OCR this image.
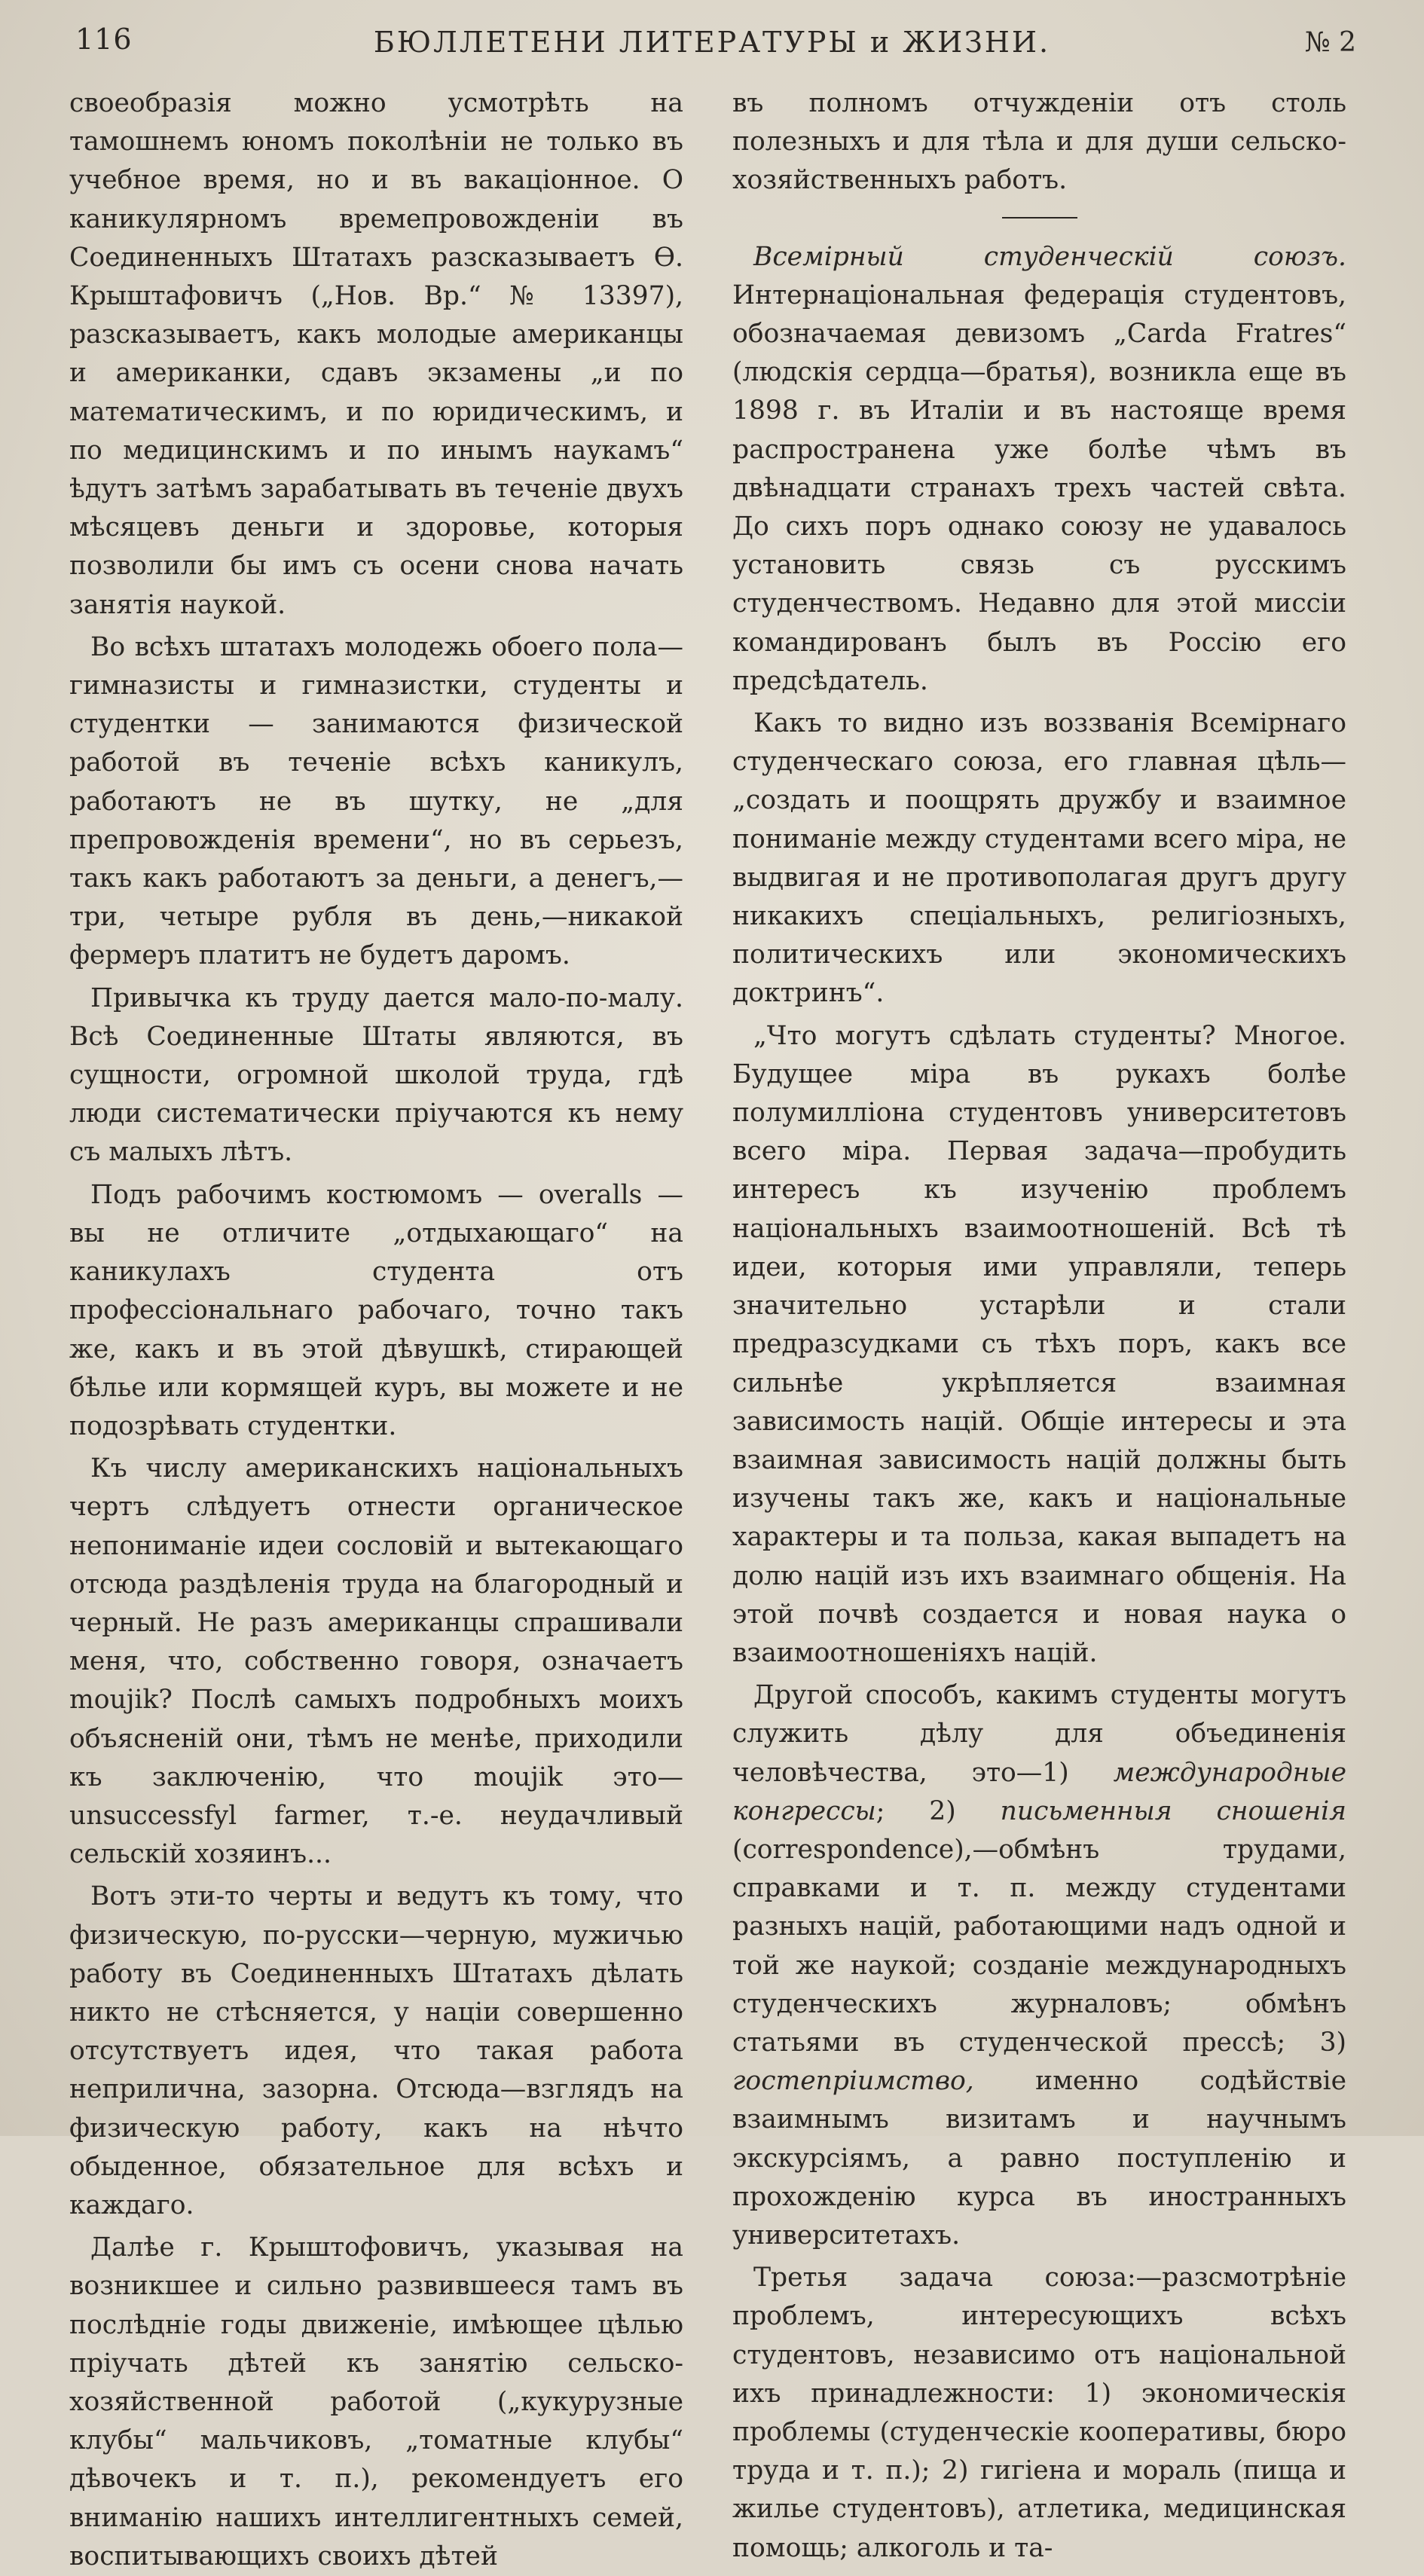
116	БЮЛЛЕТЕНИ ЛИТЕРАТУРЫ и ЖИЗНИ.	№ 2

своеобразія можно усмотрѣть на тамошнемъ юномъ поколѣніи не только въ учебное время, но и въ вакаціонное. О каникулярномъ времепровожденіи въ Соединенныхъ Штатахъ разсказываетъ Ѳ. Крыштафовичъ („Нов. Вр.“ № 13397), разсказываетъ, какъ молодые американцы и американки, сдавъ экзамены „и по математическимъ, и по юридическимъ, и по медицинскимъ и по инымъ наукамъ“ ѣдутъ затѣмъ зарабатывать въ теченіе двухъ мѣсяцевъ деньги и здоровье, которыя позволили бы имъ съ осени снова начать занятія наукой.

Во всѣхъ штатахъ молодежь обоего пола— гимназисты и гимназистки, студенты и студентки — занимаются физической работой въ теченіе всѣхъ каникулъ, работаютъ не въ шутку, не „для препровожденія времени“, но въ серьезъ, такъ какъ работаютъ за деньги, а денегъ,—три, четыре рубля въ день,—никакой фермеръ платитъ не будетъ даромъ.

Привычка къ труду дается мало-по-малу. Всѣ Соединенные Штаты являются, въ сущности, огромной школой труда, гдѣ люди систематически пріучаются къ нему съ малыхъ лѣтъ.

Подъ рабочимъ костюмомъ — overalls — вы не отличите „отдыхающаго“ на каникулахъ студента отъ профессіональнаго рабочаго, точно такъ же, какъ и въ этой дѣвушкѣ, стирающей бѣлье или кормящей куръ, вы можете и не подозрѣвать студентки.

Къ числу американскихъ національныхъ чертъ слѣдуетъ отнести органическое непониманіе идеи сословій и вытекающаго отсюда раздѣленія труда на благородный и черный. Не разъ американцы спрашивали меня, что, собственно говоря, означаетъ moujik? Послѣ самыхъ подробныхъ моихъ объясненій они, тѣмъ не менѣе, приходили къ заключенію, что moujik это—unsuccessfyl farmer, т.-е. неудачливый сельскій хозяинъ...

Вотъ эти-то черты и ведутъ къ тому, что физическую, по-русски—черную, мужичью работу въ Соединенныхъ Штатахъ дѣлать никто не стѣсняется, у націи совершенно отсутствуетъ идея, что такая работа неприлична, зазорна. Отсюда—взглядъ на физическую работу, какъ на нѣчто обыденное, обязательное для всѣхъ и каждаго.

Далѣе г. Крыштофовичъ, указывая на возникшее и сильно развившееся тамъ въ послѣдніе годы движеніе, имѣющее цѣлью пріучать дѣтей къ занятію сельско-хозяйственной работой („кукурузные клубы“ мальчиковъ, „томатные клубы“ дѣвочекъ и т. п.), рекомендуетъ его вниманію нашихъ интеллигентныхъ семей, воспитывающихъ своихъ дѣтей

въ полномъ отчужденіи отъ столь полезныхъ и для тѣла и для души сельско-хозяйственныхъ работъ.

Всемірный студенческій союзъ. Интернаціональная федерація студентовъ, обозначаемая девизомъ „Carda Fratres“ (людскія сердца—братья), возникла еще въ 1898 г. въ Италіи и въ настояще время распространена уже болѣе чѣмъ въ двѣнадцати странахъ трехъ частей свѣта. До сихъ поръ однако союзу не удавалось установить связь съ русскимъ студенчествомъ. Недавно для этой миссіи командированъ былъ въ Россію его предсѣдатель.

Какъ то видно изъ воззванія Всемірнаго студенческаго союза, его главная цѣль—„создать и поощрять дружбу и взаимное пониманіе между студентами всего міра, не выдвигая и не противополагая другъ другу никакихъ спеціальныхъ, религіозныхъ, политическихъ или экономическихъ доктринъ“.

„Что могутъ сдѣлать студенты? Многое. Будущее міра въ рукахъ болѣе полумилліона студентовъ университетовъ всего міра. Первая задача—пробудить интересъ къ изученію проблемъ національныхъ взаимоотношеній. Всѣ тѣ идеи, которыя ими управляли, теперь значительно устарѣли и стали предразсудками съ тѣхъ поръ, какъ все сильнѣе укрѣпляется взаимная зависимость націй. Общіе интересы и эта взаимная зависимость націй должны быть изучены такъ же, какъ и національные характеры и та польза, какая выпадетъ на долю націй изъ ихъ взаимнаго общенія. На этой почвѣ создается и новая наука о взаимоотношеніяхъ націй.

Другой способъ, какимъ студенты могутъ служить дѣлу для объединенія человѣчества, это—1) международные конгрессы; 2) письменныя сношенія (correspondence),—обмѣнъ трудами, справками и т. п. между студентами разныхъ націй, работающими надъ одной и той же наукой; созданіе международныхъ студенческихъ журналовъ; обмѣнъ статьями въ студенческой прессѣ; 3) гостепріимство, именно содѣйствіе взаимнымъ визитамъ и научнымъ экскурсіямъ, а равно поступленію и прохожденію курса въ иностранныхъ университетахъ.

Третья задача союза:—разсмотрѣніе проблемъ, интересующихъ всѣхъ студентовъ, независимо отъ національной ихъ принадлежности: 1) экономическія проблемы (студенческіе кооперативы, бюро труда и т. п.); 2) гигіена и мораль (пища и жилье студентовъ), атлетика, медицинская помощь; алкоголь и та-
